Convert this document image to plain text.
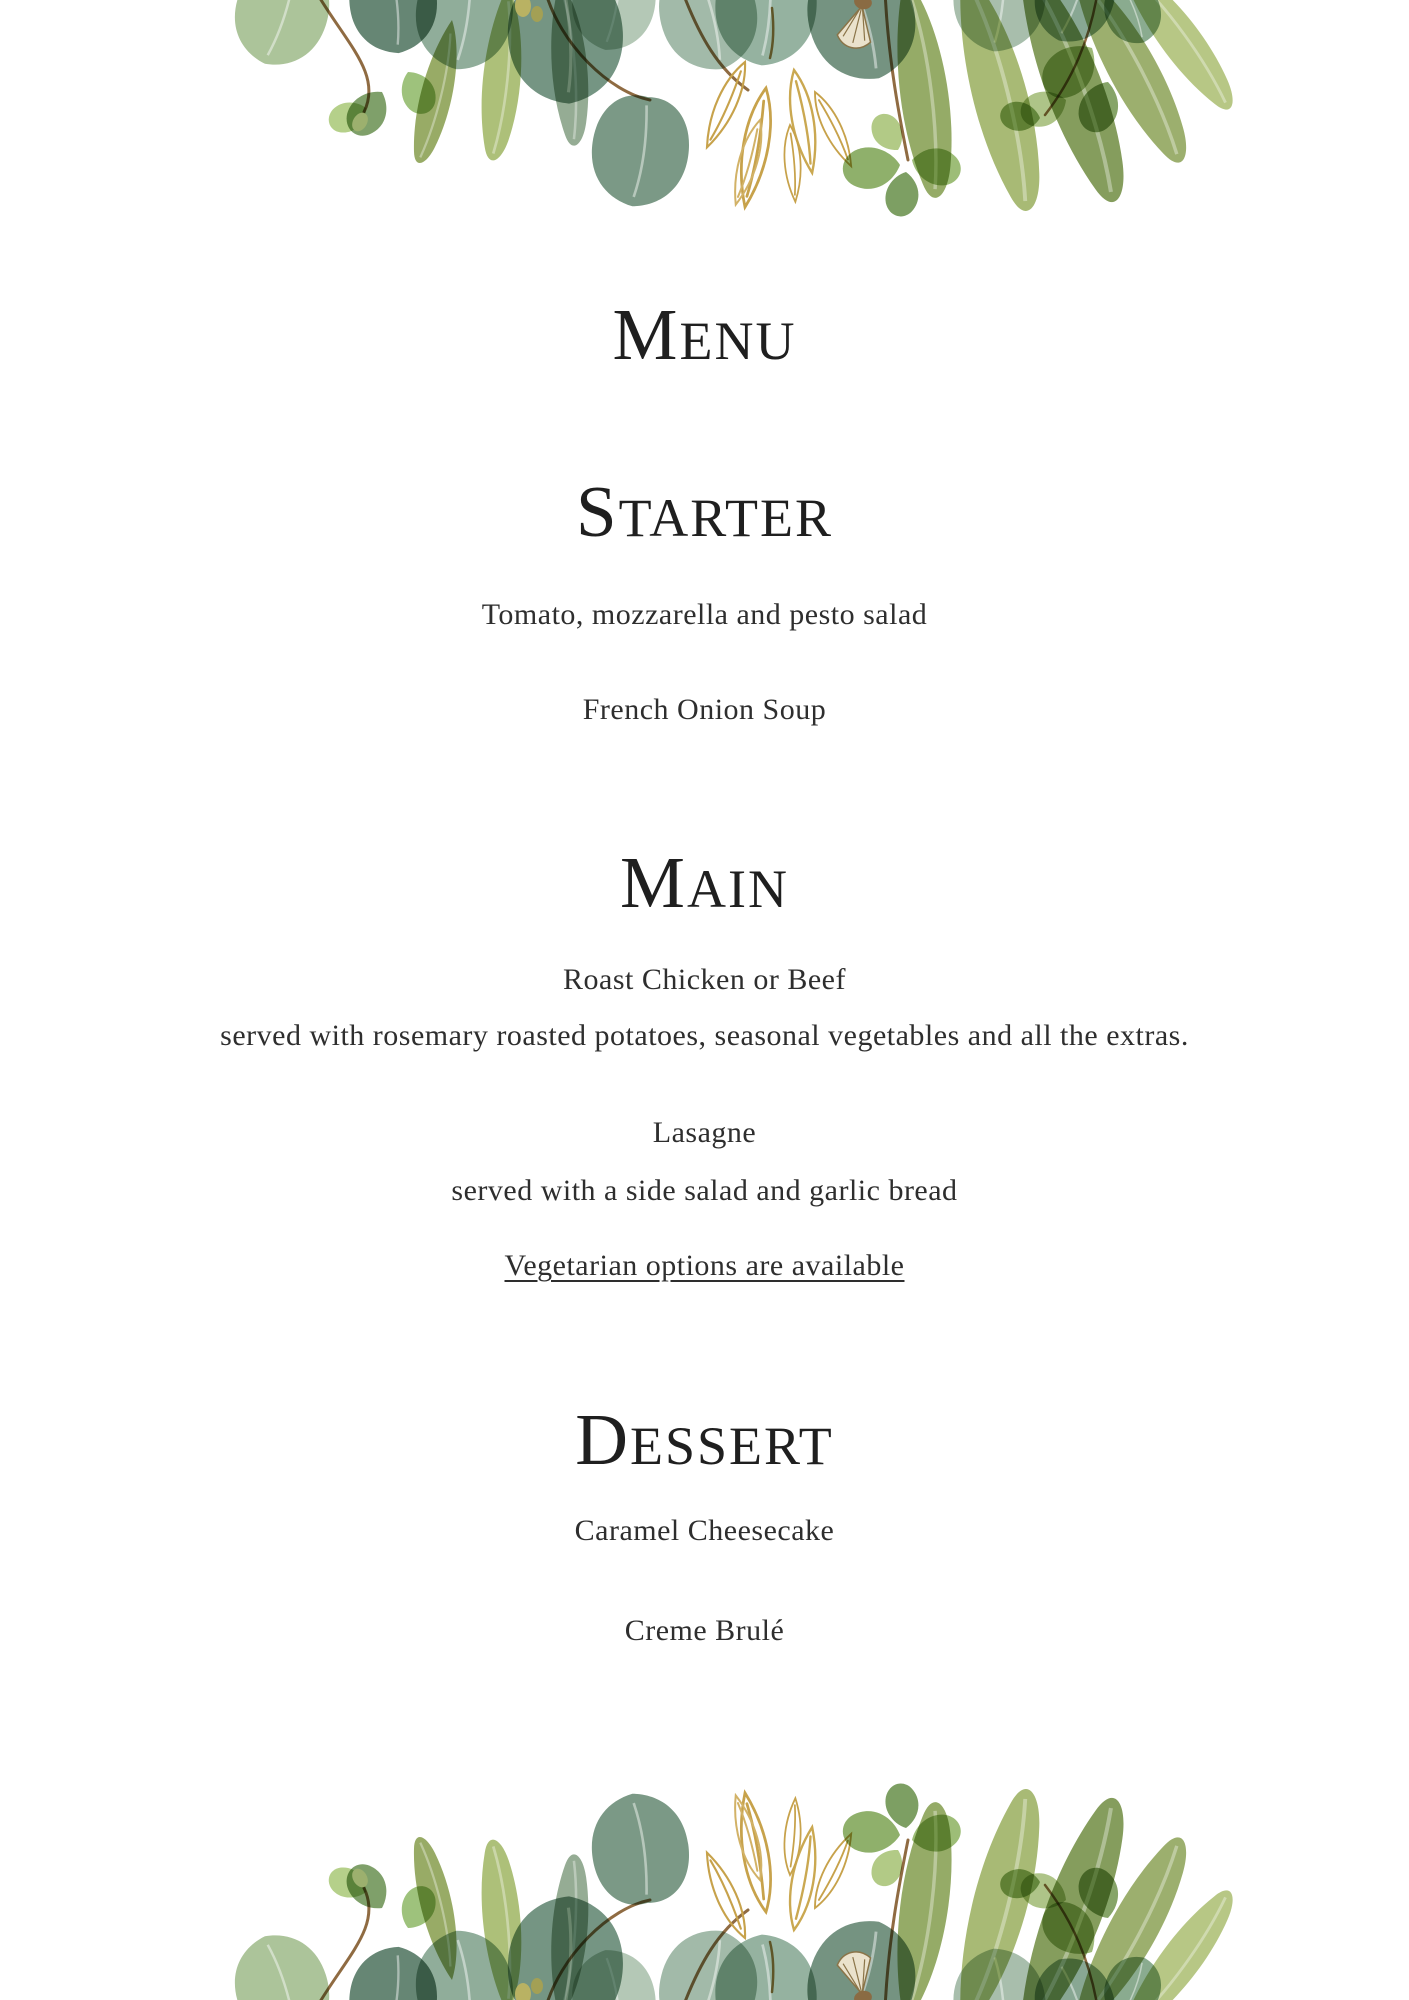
MENU
STARTER

Tomato, mozzarella and pesto salad

French Onion Soup

MAIN

Roast Chicken or Beef

served with rosemary roasted potatoes, seasonal vegetables and all the extras.

Lasagne

served with a side salad and garlic bread

Vegetarian options are available

DESSERT

Caramel Cheesecake

Creme Brulé
